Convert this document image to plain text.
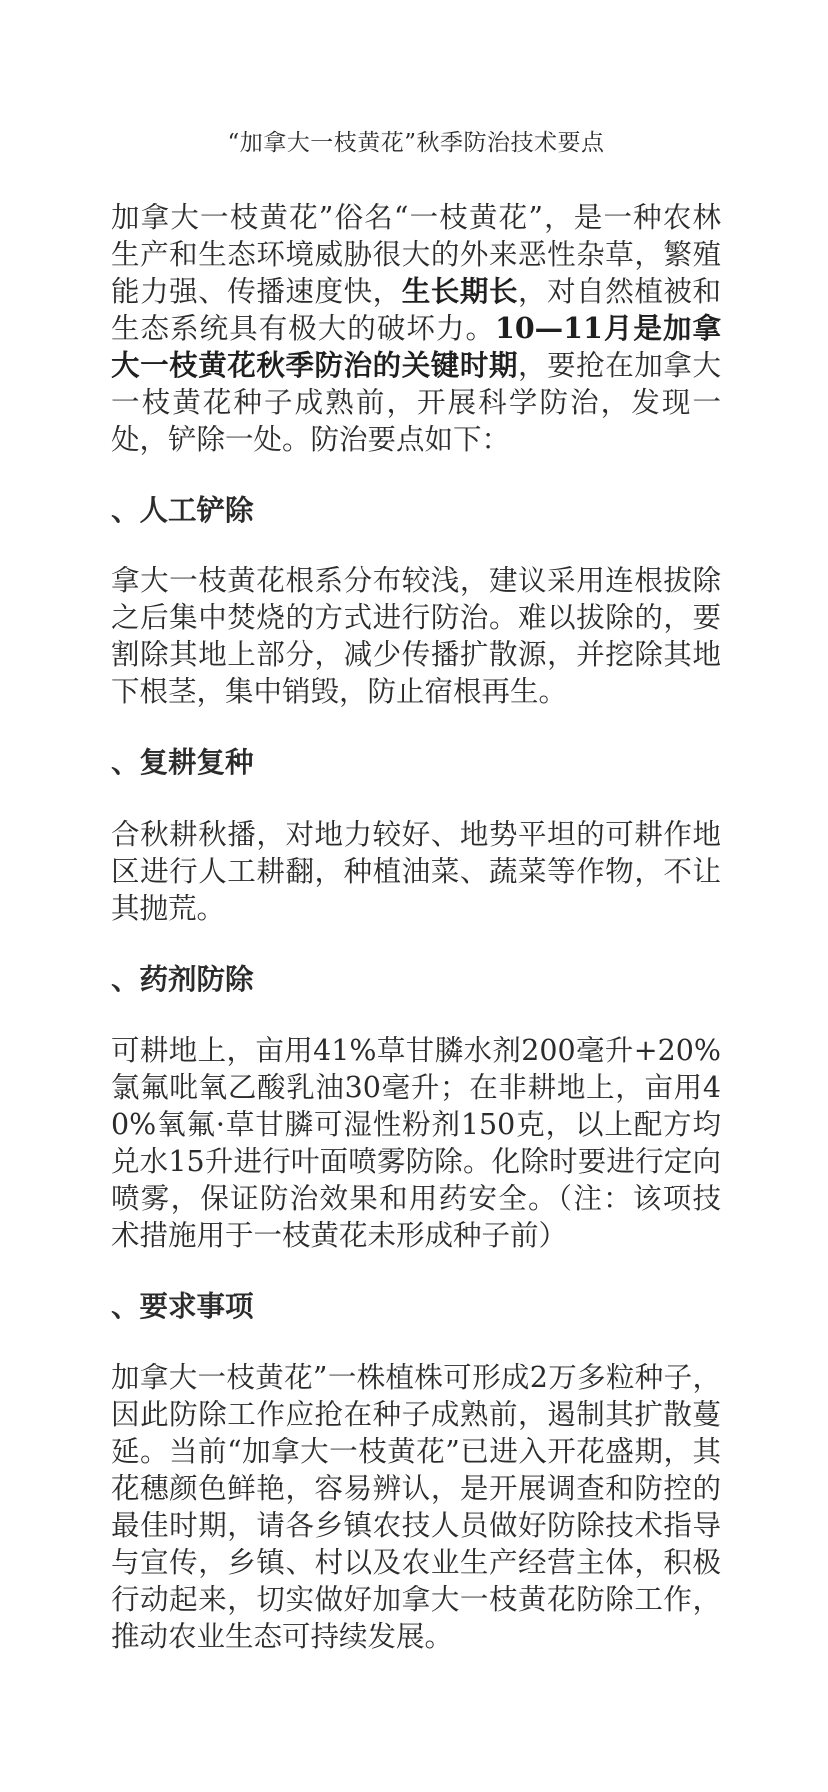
“加拿大一枝黄花”秋季防治技术要点

加拿大一枝黄花”俗名“一枝黄花”，是一种农林生产和生态环境威胁很大的外来恶性杂草，繁殖能力强、传播速度快，生长期长，对自然植被和生态系统具有极大的破坏力。10—11月是加拿大一枝黄花秋季防治的关键时期，要抢在加拿大一枝黄花种子成熟前，开展科学防治，发现一处，铲除一处。防治要点如下：

、人工铲除

拿大一枝黄花根系分布较浅，建议采用连根拔除之后集中焚烧的方式进行防治。难以拔除的，要割除其地上部分，减少传播扩散源，并挖除其地下根茎，集中销毁，防止宿根再生。

、复耕复种

合秋耕秋播，对地力较好、地势平坦的可耕作地区进行人工耕翻，种植油菜、蔬菜等作物，不让其抛荒。

、药剂防除

可耕地上，亩用41%草甘膦水剂200毫升+20%氯氟吡氧乙酸乳油30毫升；在非耕地上，亩用40%氧氟·草甘膦可湿性粉剂150克，以上配方均兑水15升进行叶面喷雾防除。化除时要进行定向喷雾，保证防治效果和用药安全。（注：该项技术措施用于一枝黄花未形成种子前）

、要求事项

加拿大一枝黄花”一株植株可形成2万多粒种子，因此防除工作应抢在种子成熟前，遏制其扩散蔓延。当前“加拿大一枝黄花”已进入开花盛期，其花穗颜色鲜艳，容易辨认，是开展调查和防控的最佳时期，请各乡镇农技人员做好防除技术指导与宣传，乡镇、村以及农业生产经营主体，积极行动起来，切实做好加拿大一枝黄花防除工作，推动农业生态可持续发展。
